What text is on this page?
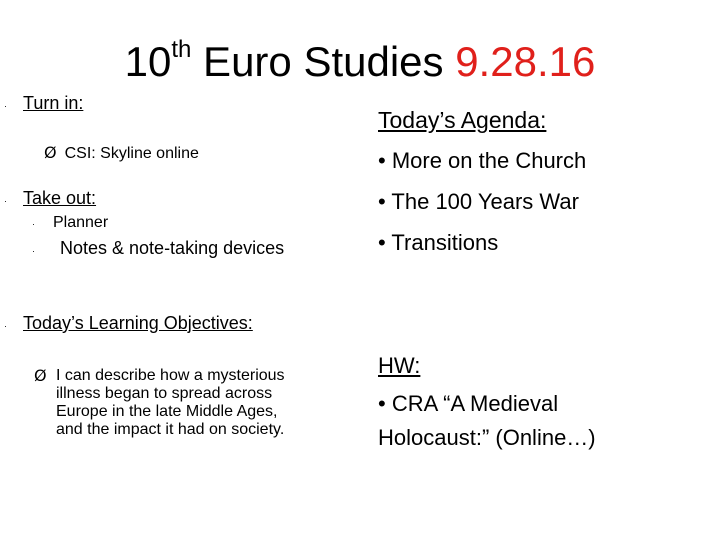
10th Euro Studies 9.28.16
· Turn in:
Ø CSI: Skyline online
· Take out:
· Planner
·	Notes & note-taking devices
· Today’s Learning Objectives:
Ø I can describe how a mysterious illness began to spread across Europe in the late Middle Ages, and the impact it had on society.
Today’s Agenda:
• More on the Church
• The 100 Years War
• Transitions
HW:
• CRA “A Medieval
Holocaust:” (Online…)
